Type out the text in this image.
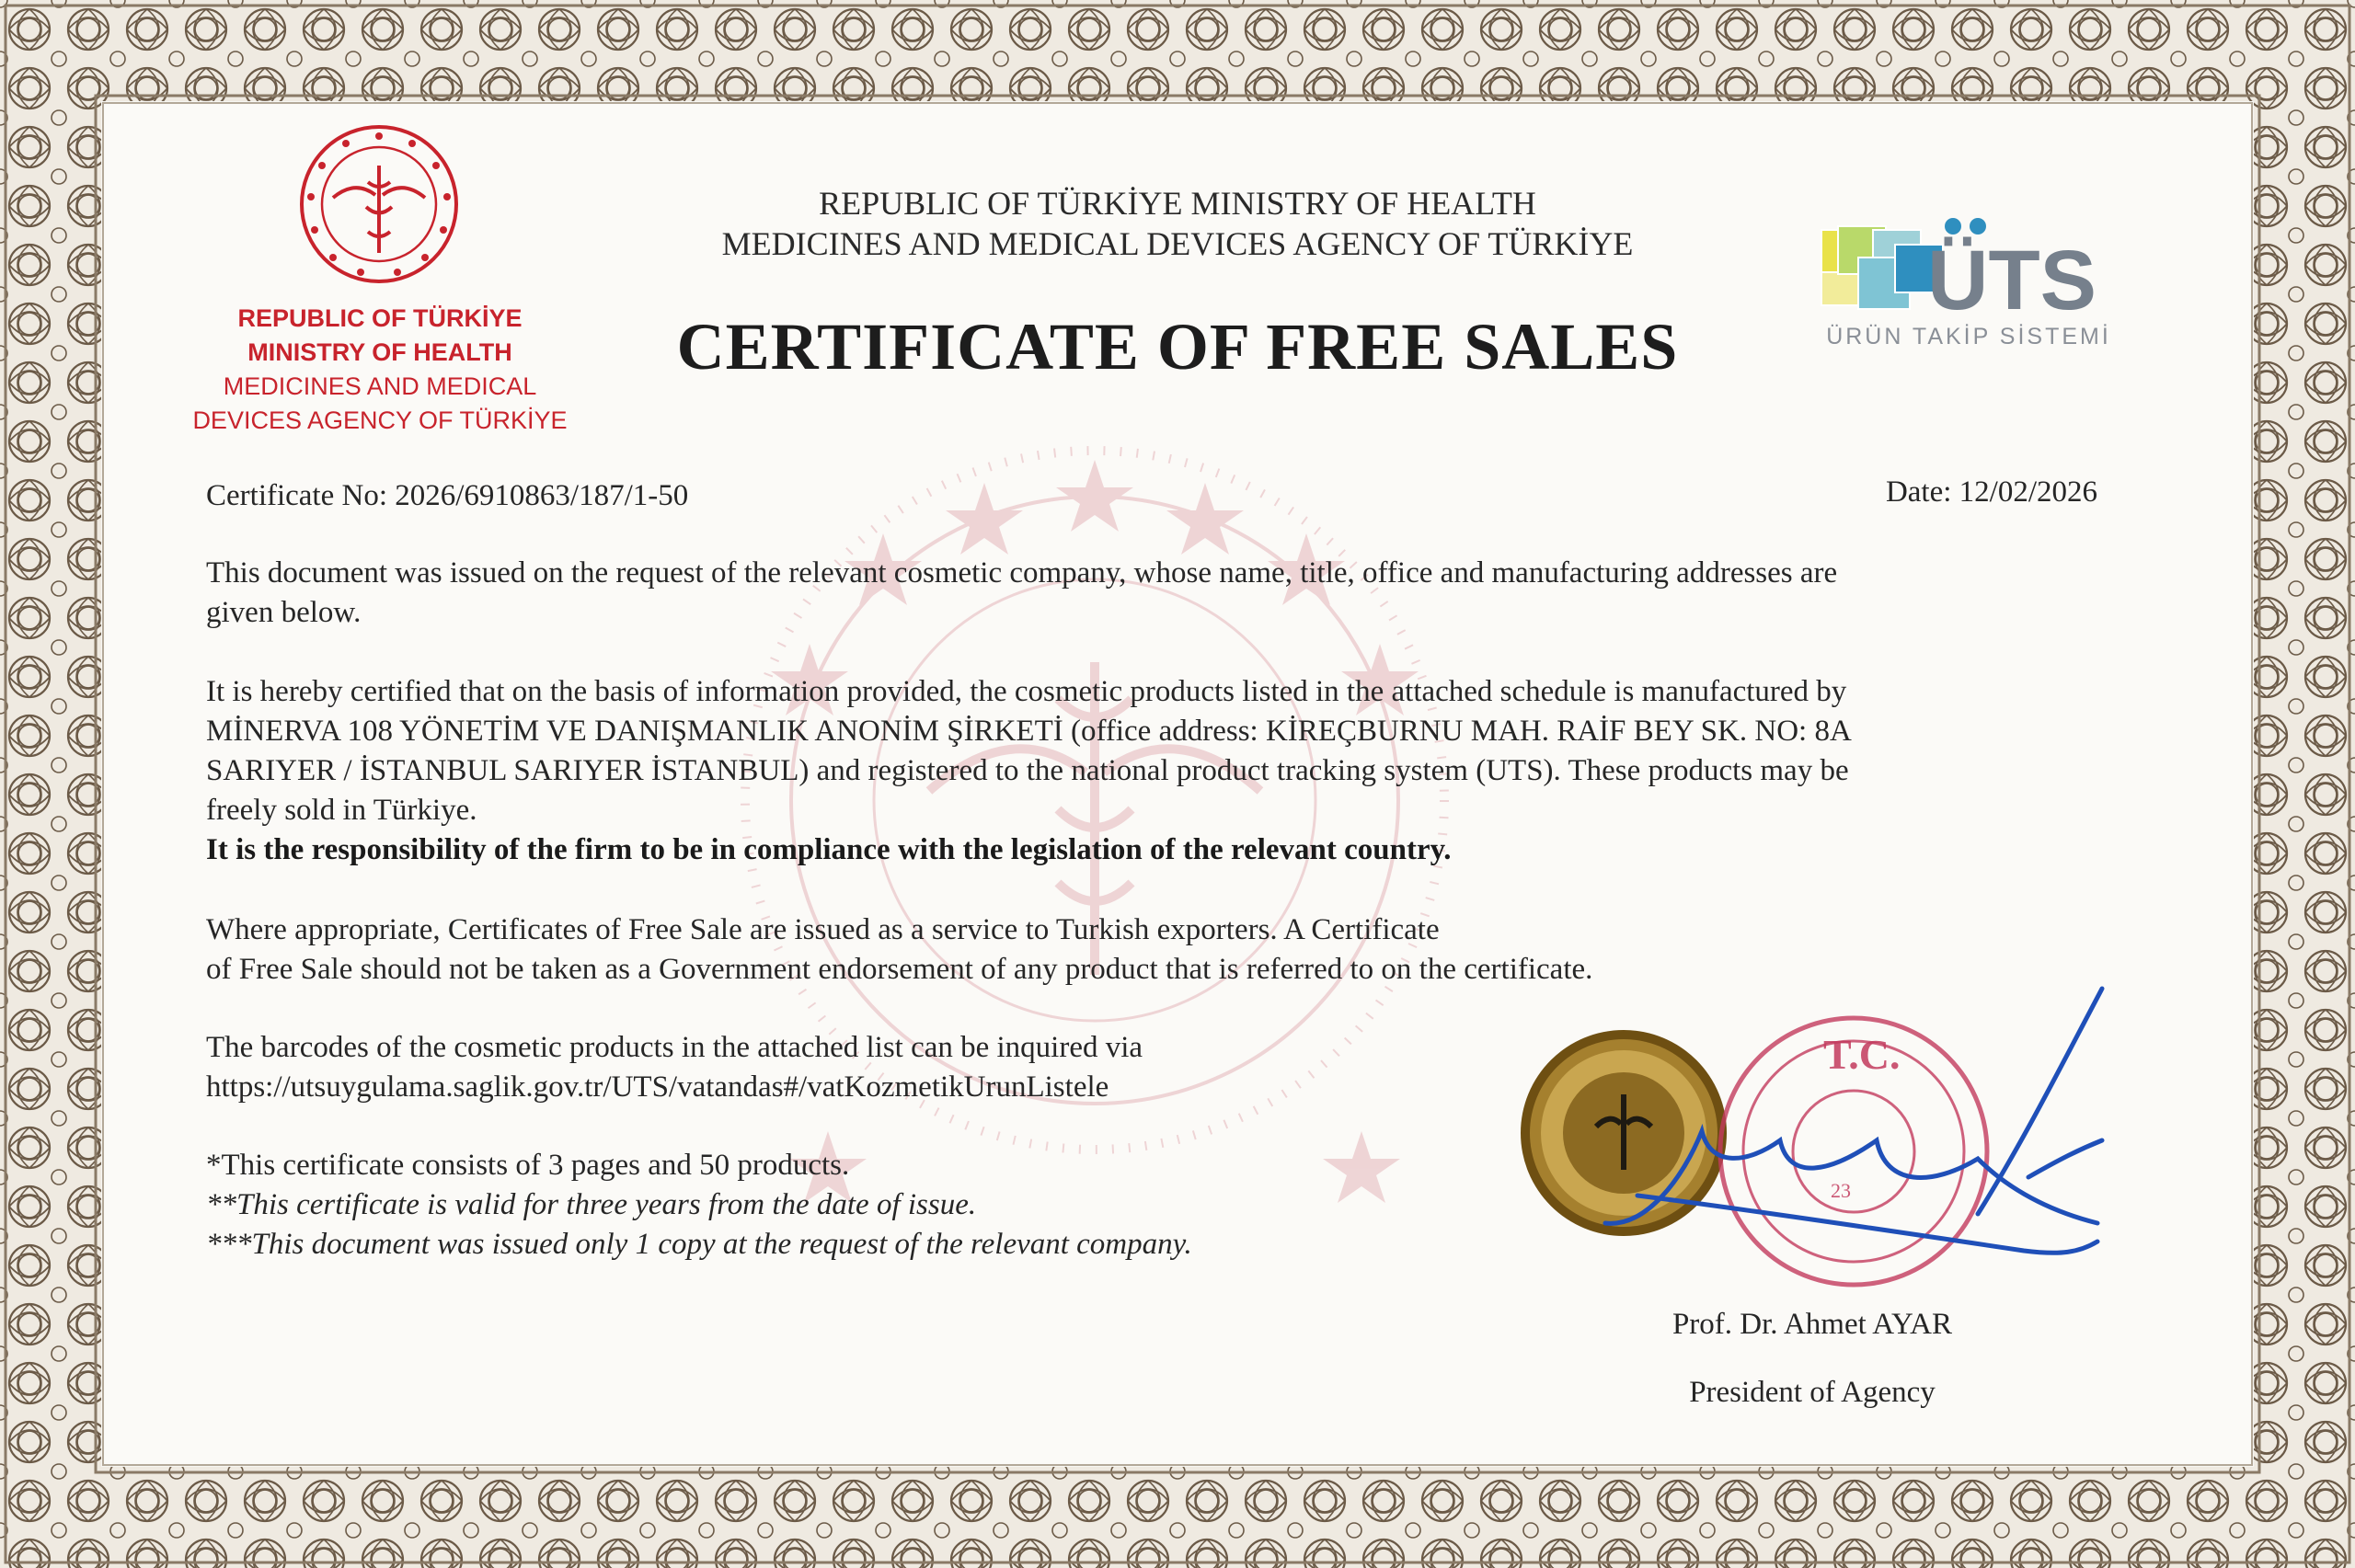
ÜTS
T.C.
23
REPUBLIC OF TÜRKİYE
MINISTRY OF HEALTH
MEDICINES AND MEDICAL
DEVICES AGENCY OF TÜRKİYE
REPUBLIC OF TÜRKİYE MINISTRY OF HEALTH
MEDICINES AND MEDICAL DEVICES AGENCY OF TÜRKİYE
CERTIFICATE OF FREE SALES	ÜRÜN TAKİP SİSTEMİ
Certificate No: 2026/6910863/187/1-50	Date: 12/02/2026
This document was issued on the request of the relevant cosmetic company, whose name, title, office and manufacturing addresses are
given below.
It is hereby certified that on the basis of information provided, the cosmetic products listed in the attached schedule is manufactured by
MİNERVA 108 YÖNETİM VE DANIŞMANLIK ANONİM ŞİRKETİ (office address: KİREÇBURNU MAH. RAİF BEY SK. NO: 8A
SARIYER / İSTANBUL SARIYER İSTANBUL) and registered to the national product tracking system (UTS). These products may be
freely sold in Türkiye.
It is the responsibility of the firm to be in compliance with the legislation of the relevant country.
Where appropriate, Certificates of Free Sale are issued as a service to Turkish exporters. A Certificate
of Free Sale should not be taken as a Government endorsement of any product that is referred to on the certificate.
The barcodes of the cosmetic products in the attached list can be inquired via
https://utsuygulama.saglik.gov.tr/UTS/vatandas#/vatKozmetikUrunListele
*This certificate consists of 3 pages and 50 products.
**This certificate is valid for three years from the date of issue.
***This document was issued only 1 copy at the request of the relevant company.
Prof. Dr. Ahmet AYAR
President of Agency
